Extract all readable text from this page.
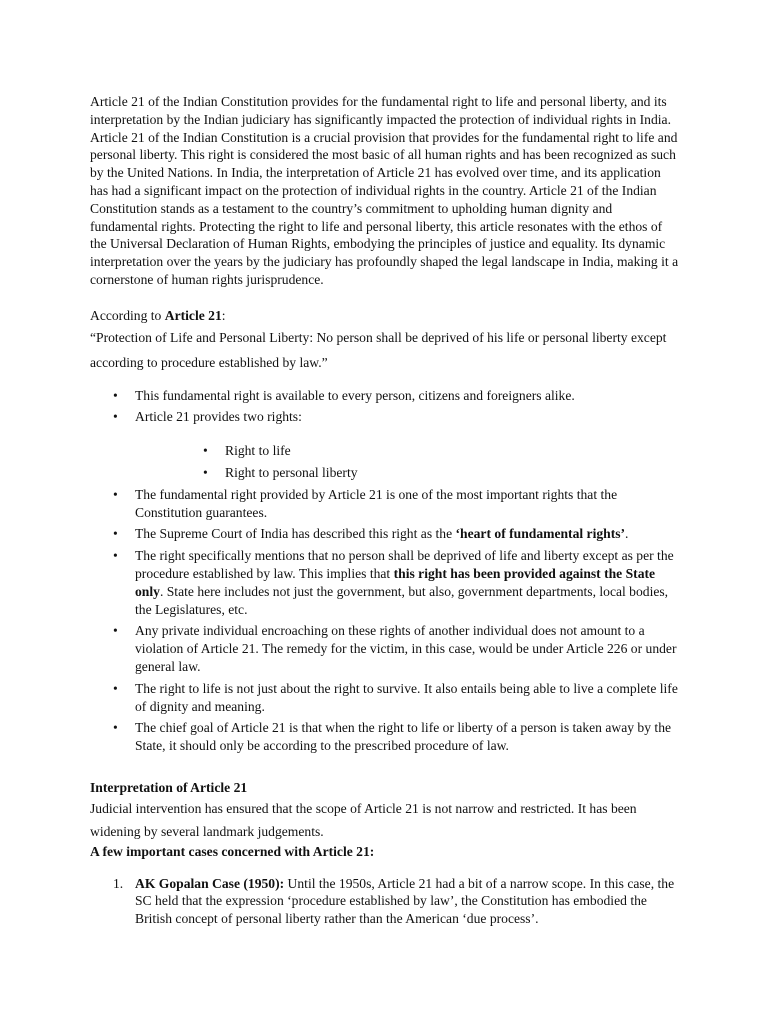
Article 21 of the Indian Constitution provides for the fundamental right to life and personal liberty, and its interpretation by the Indian judiciary has significantly impacted the protection of individual rights in India. Article 21 of the Indian Constitution is a crucial provision that provides for the fundamental right to life and personal liberty. This right is considered the most basic of all human rights and has been recognized as such by the United Nations. In India, the interpretation of Article 21 has evolved over time, and its application has had a significant impact on the protection of individual rights in the country. Article 21 of the Indian Constitution stands as a testament to the country’s commitment to upholding human dignity and fundamental rights. Protecting the right to life and personal liberty, this article resonates with the ethos of the Universal Declaration of Human Rights, embodying the principles of justice and equality. Its dynamic interpretation over the years by the judiciary has profoundly shaped the legal landscape in India, making it a cornerstone of human rights jurisprudence.

According to Article 21:

“Protection of Life and Personal Liberty: No person shall be deprived of his life or personal liberty except according to procedure established by law.”

• This fundamental right is available to every person, citizens and foreigners alike.
• Article 21 provides two rights:
• Right to life
• Right to personal liberty
• The fundamental right provided by Article 21 is one of the most important rights that the Constitution guarantees.
• The Supreme Court of India has described this right as the ‘heart of fundamental rights’.
• The right specifically mentions that no person shall be deprived of life and liberty except as per the procedure established by law. This implies that this right has been provided against the State only. State here includes not just the government, but also, government departments, local bodies, the Legislatures, etc.
• Any private individual encroaching on these rights of another individual does not amount to a violation of Article 21. The remedy for the victim, in this case, would be under Article 226 or under general law.
• The right to life is not just about the right to survive. It also entails being able to live a complete life of dignity and meaning.
• The chief goal of Article 21 is that when the right to life or liberty of a person is taken away by the State, it should only be according to the prescribed procedure of law.

Interpretation of Article 21

Judicial intervention has ensured that the scope of Article 21 is not narrow and restricted. It has been widening by several landmark judgements.

A few important cases concerned with Article 21:

1. AK Gopalan Case (1950): Until the 1950s, Article 21 had a bit of a narrow scope. In this case, the SC held that the expression ‘procedure established by law’, the Constitution has embodied the British concept of personal liberty rather than the American ‘due process’.
